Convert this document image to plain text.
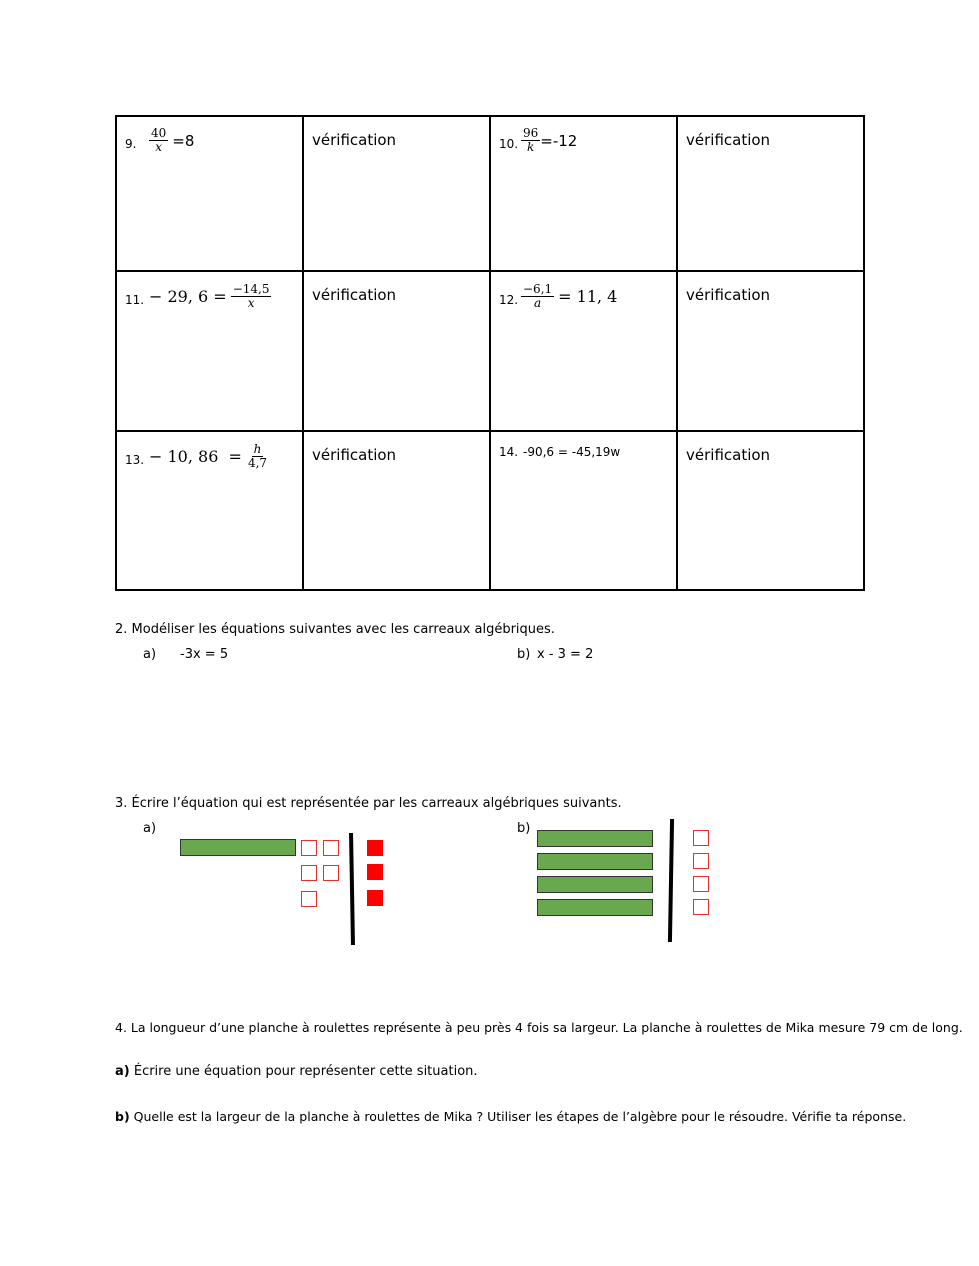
9. $\frac{40}{x} =8$	vérification	10. $\frac{96}{k} =-12$	vérification

11. − 29, $6 = \frac{-14,5}{x}$	vérification	12. $\frac{-6,1}{a} = 11$, 4	vérification

13. − 10, $86 = \frac{h}{4,7}$	vérification	14. -90,6 = -45,19w	vérification
2. Modéliser les équations suivantes avec les carreaux algébriques.
a) -3x = 5	b) x - 3 = 2
3. Écrire l’équation qui est représentée par les carreaux algébriques suivants.
a)	b)
4. La longueur d’une planche à roulettes représente à peu près 4 fois sa largeur. La planche à roulettes de Mika mesure 79 cm de long.
a) Écrire une équation pour représenter cette situation.
b) Quelle est la largeur de la planche à roulettes de Mika ? Utiliser les étapes de l’algèbre pour le résoudre. Vérifie ta réponse.
